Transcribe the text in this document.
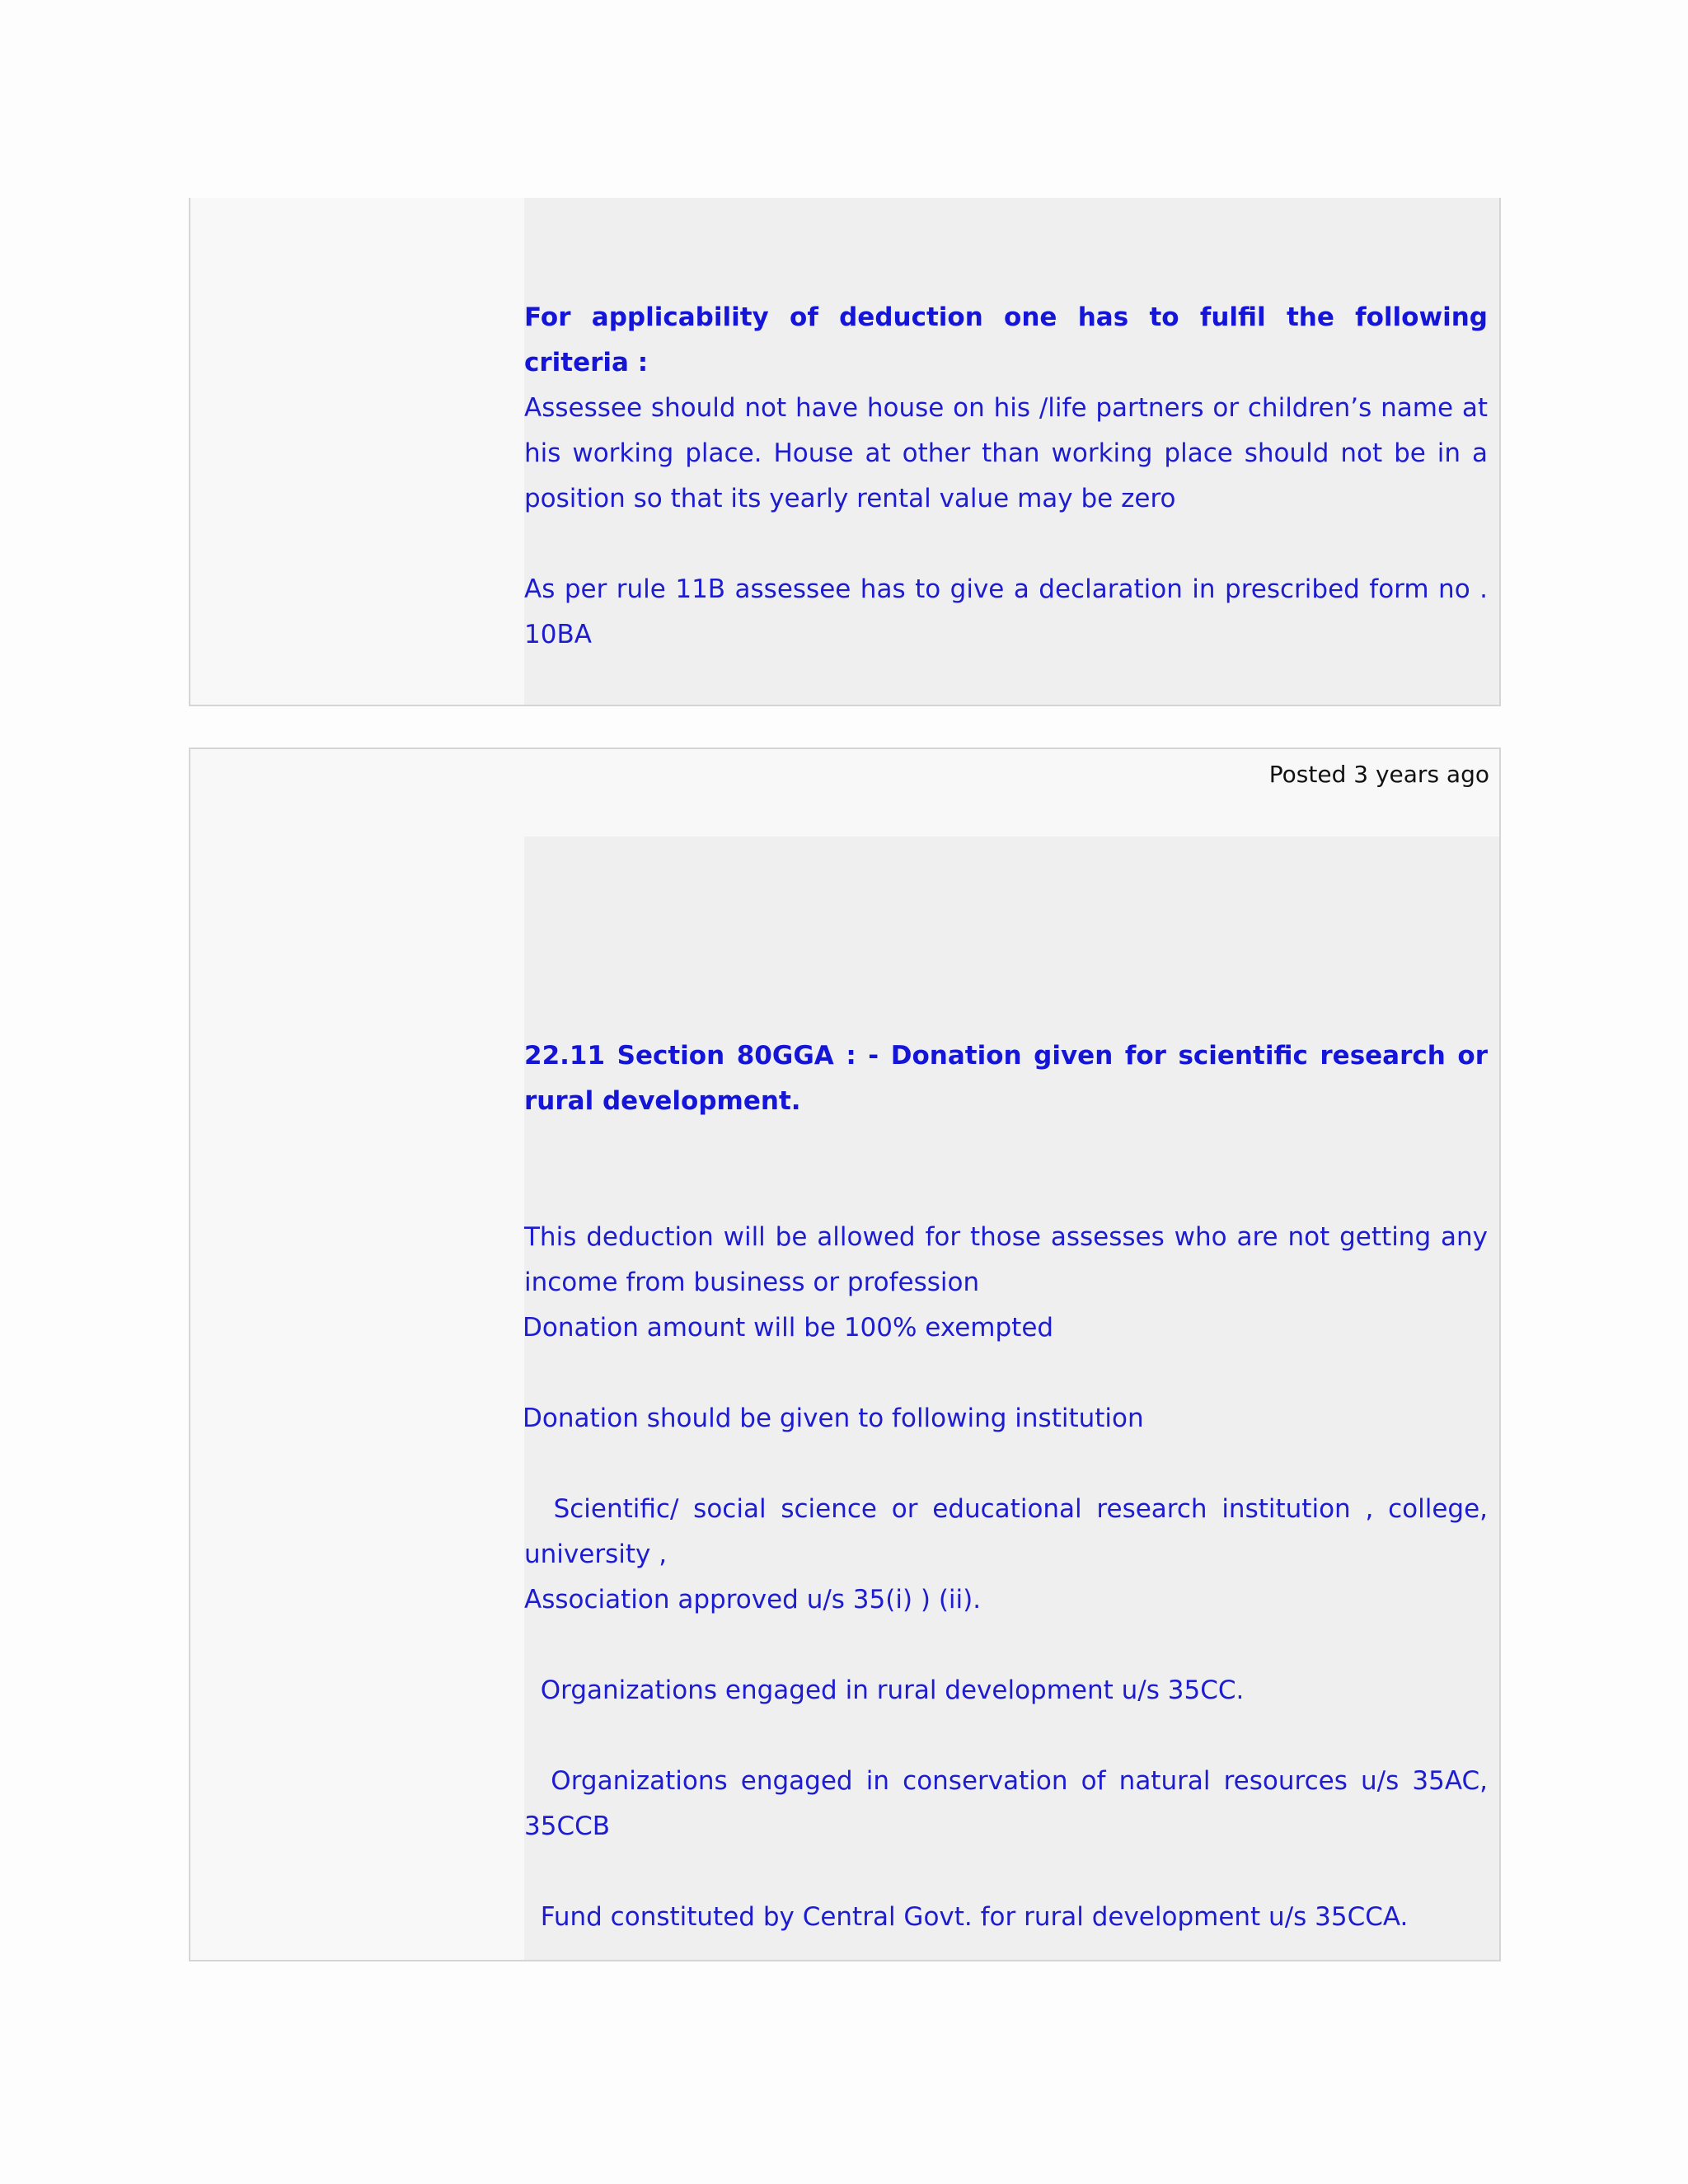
For applicability of deduction one has to fulfil the following criteria :
Assessee should not have house on his /life partners or children’s name at his working place. House at other than working place should not be in a position so that its yearly rental value may be zero
As per rule 11B assessee has to give a declaration in prescribed form no . 10BA
Posted 3 years ago
22.11 Section 80GGA : - Donation given for scientific research or rural development.
This deduction will be allowed for those assesses who are not getting any income from business or profession
Donation amount will be 100% exempted
Donation should be given to following institution
Scientific/ social science or educational research institution , college, university ,
Association approved u/s 35(i) ) (ii).
Organizations engaged in rural development u/s 35CC.
Organizations engaged in conservation of natural resources u/s 35AC, 35CCB
Fund constituted by Central Govt. for rural development u/s 35CCA.
